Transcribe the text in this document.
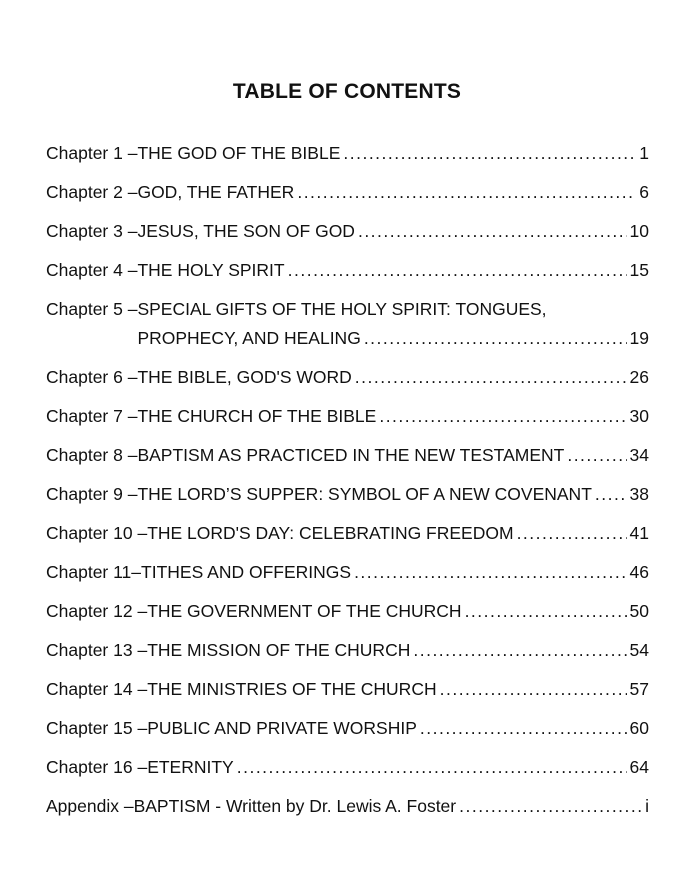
TABLE OF CONTENTS
Chapter 1 – THE GOD OF THE BIBLE .....	1
Chapter 2 – GOD, THE FATHER .....	6
Chapter 3 – JESUS, THE SON OF GOD .....	10
Chapter 4 – THE HOLY SPIRIT .....	15
Chapter 5 – SPECIAL GIFTS OF THE HOLY SPIRIT: TONGUES,
PROPHECY, AND HEALING .....	19
Chapter 6 – THE BIBLE, GOD'S WORD .....	26
Chapter 7 – THE CHURCH OF THE BIBLE .....	30
Chapter 8 – BAPTISM AS PRACTICED IN THE NEW TESTAMENT .....	34
Chapter 9 – THE LORD’S SUPPER: SYMBOL OF A NEW COVENANT ..... 38
Chapter 10 – THE LORD'S DAY: CELEBRATING FREEDOM .....	41
Chapter 11– TITHES AND OFFERINGS .....	46
Chapter 12 – THE GOVERNMENT OF THE CHURCH .....	50
Chapter 13 – THE MISSION OF THE CHURCH .....	54
Chapter 14 – THE MINISTRIES OF THE CHURCH .....	57
Chapter 15 – PUBLIC AND PRIVATE WORSHIP .....	60
Chapter 16 – ETERNITY .....	64
Appendix – BAPTISM - Written by Dr. Lewis A. Foster .....	i
